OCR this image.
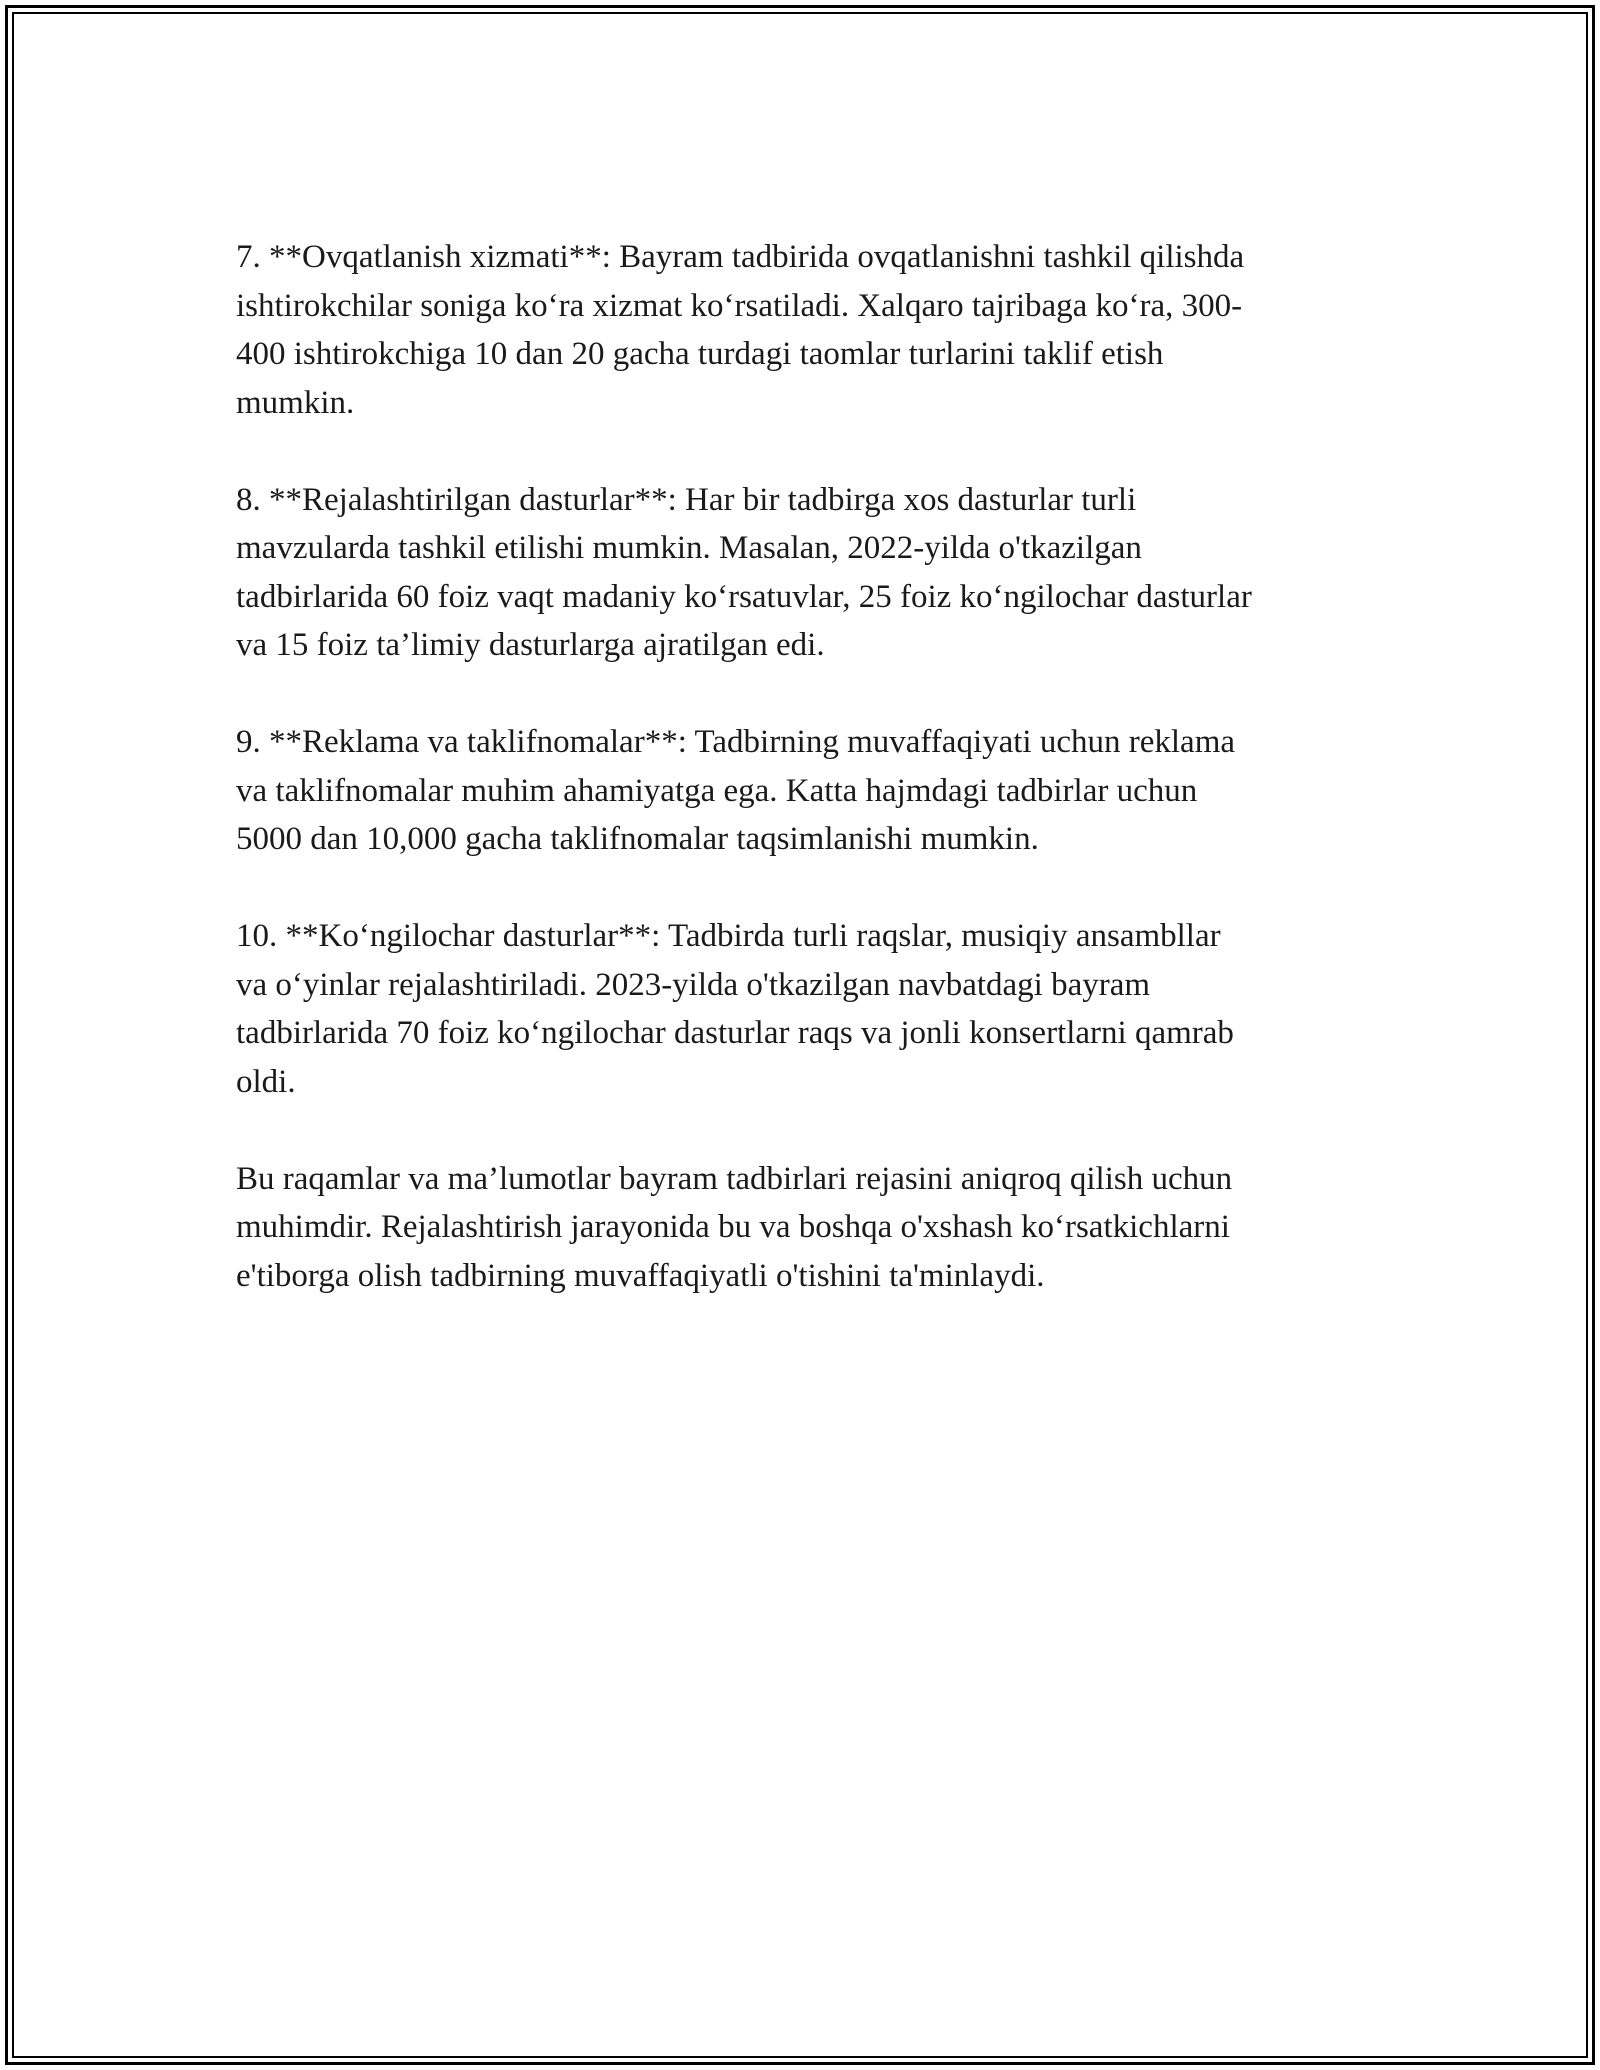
7. **Ovqatlanish xizmati**: Bayram tadbirida ovqatlanishni tashkil qilishda
ishtirokchilar soniga ko‘ra xizmat ko‘rsatiladi. Xalqaro tajribaga ko‘ra, 300-
400 ishtirokchiga 10 dan 20 gacha turdagi taomlar turlarini taklif etish
mumkin.

8. **Rejalashtirilgan dasturlar**: Har bir tadbirga xos dasturlar turli
mavzularda tashkil etilishi mumkin. Masalan, 2022-yilda o'tkazilgan
tadbirlarida 60 foiz vaqt madaniy ko‘rsatuvlar, 25 foiz ko‘ngilochar dasturlar
va 15 foiz ta’limiy dasturlarga ajratilgan edi.

9. **Reklama va taklifnomalar**: Tadbirning muvaffaqiyati uchun reklama
va taklifnomalar muhim ahamiyatga ega. Katta hajmdagi tadbirlar uchun
5000 dan 10,000 gacha taklifnomalar taqsimlanishi mumkin.

10. **Ko‘ngilochar dasturlar**: Tadbirda turli raqslar, musiqiy ansambllar
va o‘yinlar rejalashtiriladi. 2023-yilda o'tkazilgan navbatdagi bayram
tadbirlarida 70 foiz ko‘ngilochar dasturlar raqs va jonli konsertlarni qamrab
oldi.

Bu raqamlar va ma’lumotlar bayram tadbirlari rejasini aniqroq qilish uchun
muhimdir. Rejalashtirish jarayonida bu va boshqa o'xshash ko‘rsatkichlarni
e'tiborga olish tadbirning muvaffaqiyatli o'tishini ta'minlaydi.
